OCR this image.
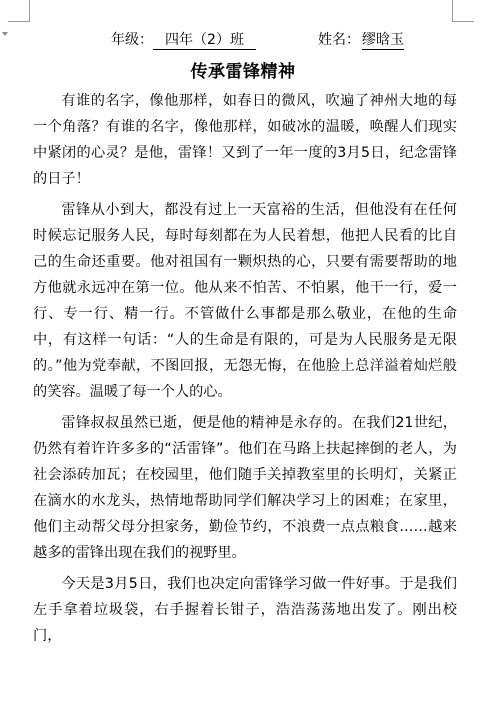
年级： 四年（2）班	姓名： 缪晗玉
传承雷锋精神

有谁的名字，像他那样，如春日的微风，吹遍了神州大地的每一个角落？有谁的名字，像他那样，如破冰的温暖，唤醒人们现实中紧闭的心灵？是他，雷锋！又到了一年一度的3月5日，纪念雷锋的日子！

雷锋从小到大，都没有过上一天富裕的生活，但他没有在任何时候忘记服务人民，每时每刻都在为人民着想，他把人民看的比自己的生命还重要。他对祖国有一颗炽热的心，只要有需要帮助的地方他就永远冲在第一位。他从来不怕苦、不怕累，他干一行，爱一行、专一行、精一行。不管做什么事都是那么敬业，在他的生命中，有这样一句话：“人的生命是有限的，可是为人民服务是无限的。”他为党奉献，不图回报，无怨无悔，在他脸上总洋溢着灿烂般的笑容。温暖了每一个人的心。

雷锋叔叔虽然已逝，便是他的精神是永存的。在我们21世纪，仍然有着许许多多的“活雷锋”。他们在马路上扶起摔倒的老人，为社会添砖加瓦；在校园里，他们随手关掉教室里的长明灯，关紧正在滴水的水龙头，热情地帮助同学们解决学习上的困难；在家里，他们主动帮父母分担家务，勤俭节约，不浪费一点点粮食……越来越多的雷锋出现在我们的视野里。

今天是3月5日，我们也决定向雷锋学习做一件好事。于是我们左手拿着垃圾袋，右手握着长钳子，浩浩荡荡地出发了。刚出校门，
